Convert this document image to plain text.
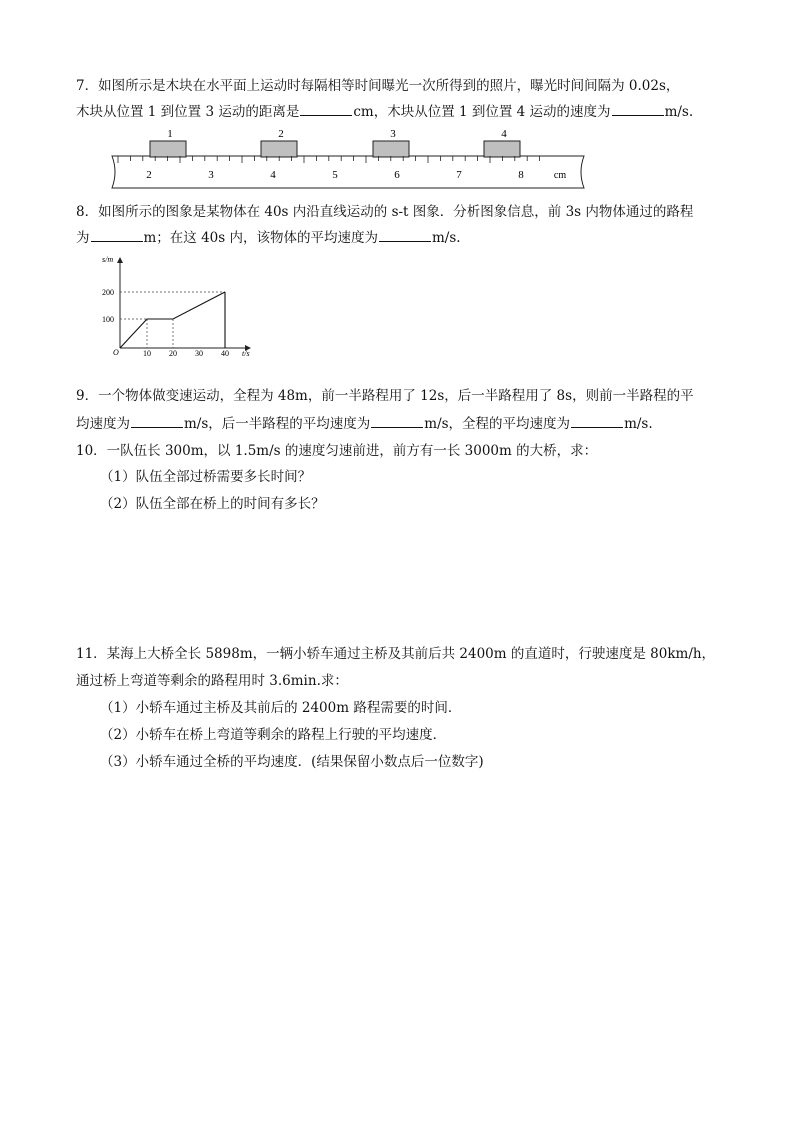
7．如图所示是木块在水平面上运动时每隔相等时间曝光一次所得到的照片，曝光时间间隔为 0.02s，
木块从位置 1 到位置 3 运动的距离是	cm，木块从位置 1 到位置 4 运动的速度为	m/s.
1	2	3	4
2	3	4	5	6	7	8	cm
8．如图所示的图象是某物体在 40s 内沿直线运动的 s-t 图象．分析图象信息，前 3s 内物体通过的路程
为	m；在这 40s 内，该物体的平均速度为	m/s.
s/m
t/s
O
100
200
10 20 30 40
9．一个物体做变速运动，全程为 48m，前一半路程用了 12s，后一半路程用了 8s，则前一半路程的平
均速度为	m/s，后一半路程的平均速度为	m/s，全程的平均速度为	m/s.
10．一队伍长 300m，以 1.5m/s 的速度匀速前进，前方有一长 3000m 的大桥，求：
（1）队伍全部过桥需要多长时间？
（2）队伍全部在桥上的时间有多长？
11．某海上大桥全长 5898m，一辆小轿车通过主桥及其前后共 2400m 的直道时，行驶速度是 80km/h，
通过桥上弯道等剩余的路程用时 3.6min.求：
（1）小轿车通过主桥及其前后的 2400m 路程需要的时间．
（2）小轿车在桥上弯道等剩余的路程上行驶的平均速度．
（3）小轿车通过全桥的平均速度．(结果保留小数点后一位数字)
